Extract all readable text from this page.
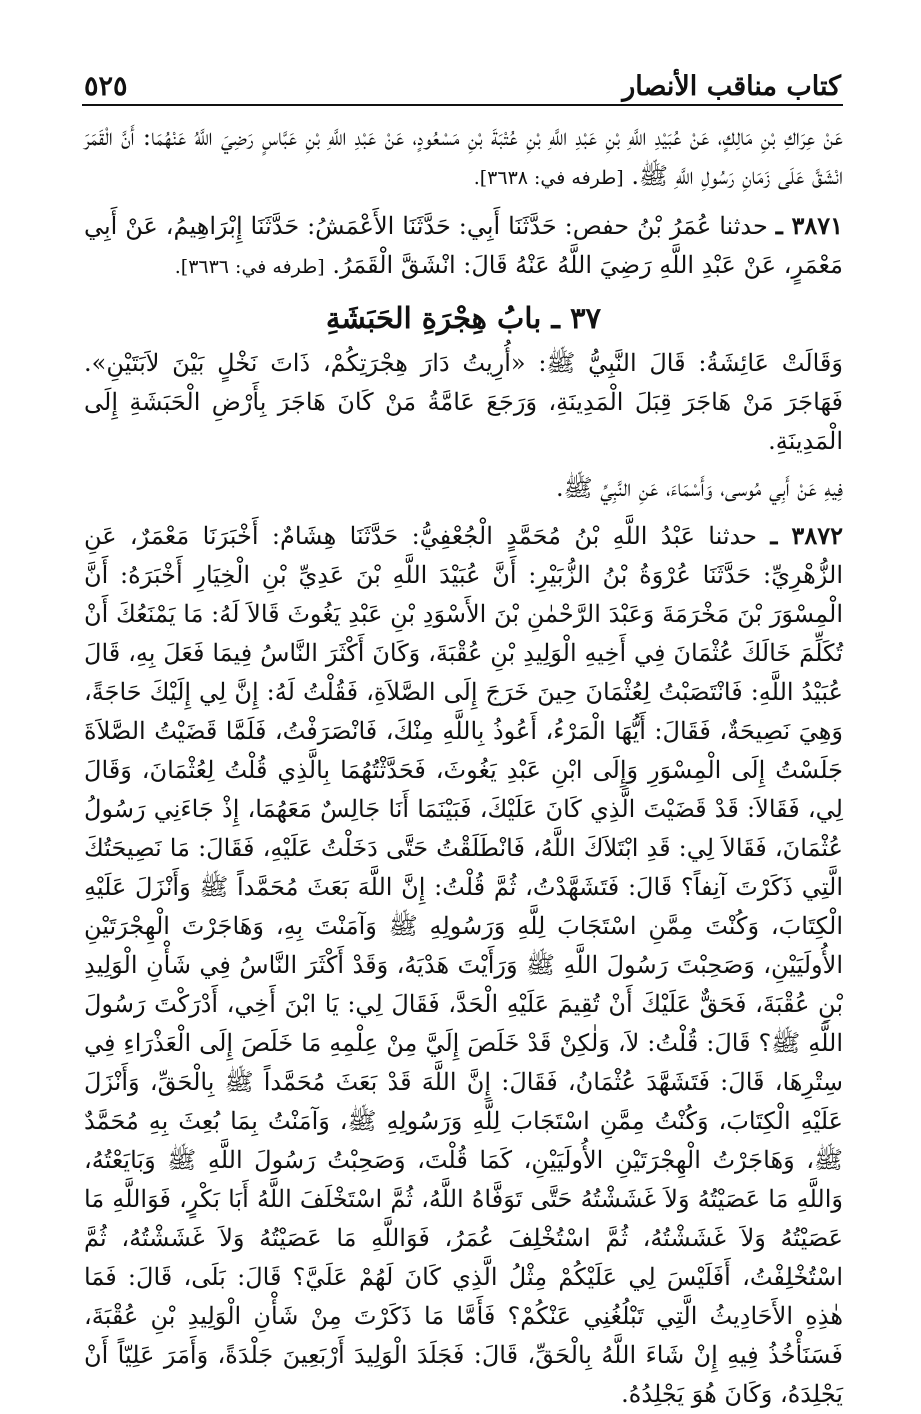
كتاب مناقب الأنصار
٥٢٥

عَنْ عِرَاكِ بْنِ مَالِكٍ، عَنْ عُبَيْدِ اللَّهِ بْنِ عَبْدِ اللَّهِ بْنِ عُتْبَةَ بْنِ مَسْعُودٍ، عَنْ عَبْدِ اللَّهِ بْنِ عَبَّاسٍ رَضِيَ اللَّهُ عَنْهُمَا: أَنَّ الْقَمَرَ انْشَقَّ عَلَى زَمَانِ رَسُولِ اللَّهِ ﷺ. [طرفه في: ٣٦٣٨].

٣٨٧١ ـ حدثنا عُمَرُ بْنُ حفص: حَدَّثَنَا أَبِي: حَدَّثَنَا الأَعْمَشُ: حَدَّثَنَا إِبْرَاهِيمُ، عَنْ أَبِي مَعْمَرٍ، عَنْ عَبْدِ اللَّهِ رَضِيَ اللَّهُ عَنْهُ قَالَ: انْشَقَّ الْقَمَرُ. [طرفه في: ٣٦٣٦].

٣٧ ـ بابُ هِجْرَةِ الحَبَشَةِ

وَقَالَتْ عَائِشَةُ: قَالَ النَّبِيُّ ﷺ: «أُرِيتُ دَارَ هِجْرَتِكُمْ، ذَاتَ نَخْلٍ بَيْنَ لاَبَتَيْنِ». فَهَاجَرَ مَنْ هَاجَرَ قِبَلَ الْمَدِينَةِ، وَرَجَعَ عَامَّةُ مَنْ كَانَ هَاجَرَ بِأَرْضِ الْحَبَشَةِ إِلَى الْمَدِينَةِ.

فِيهِ عَنْ أَبِي مُوسى، وَأَسْمَاءَ، عَنِ النَّبِيِّ ﷺ.

٣٨٧٢ ـ حدثنا عَبْدُ اللَّهِ بْنُ مُحَمَّدٍ الْجُعْفِيُّ: حَدَّثَنَا هِشَامٌ: أَخْبَرَنَا مَعْمَرٌ، عَنِ الزُّهْرِيِّ: حَدَّثَنَا عُرْوَةُ بْنُ الزُّبَيْرِ: أَنَّ عُبَيْدَ اللَّهِ بْنَ عَدِيِّ بْنِ الْخِيَارِ أَخْبَرَهُ: أَنَّ الْمِسْوَرَ بْنَ مَخْرَمَةَ وَعَبْدَ الرَّحْمٰنِ بْنَ الأَسْوَدِ بْنِ عَبْدِ يَغُوثَ قَالاَ لَهُ: مَا يَمْنَعُكَ أَنْ تُكَلِّمَ خَالَكَ عُثْمَانَ فِي أَخِيهِ الْوَلِيدِ بْنِ عُقْبَةَ، وَكَانَ أَكْثَرَ النَّاسُ فِيمَا فَعَلَ بِهِ، قَالَ عُبَيْدُ اللَّهِ: فَانْتَصَبْتُ لِعُثْمَانَ حِينَ خَرَجَ إِلَى الصَّلاَةِ، فَقُلْتُ لَهُ: إِنَّ لِي إِلَيْكَ حَاجَةً، وَهِيَ نَصِيحَةٌ، فَقَالَ: أَيُّهَا الْمَرْءُ، أَعُوذُ بِاللَّهِ مِنْكَ، فَانْصَرَفْتُ، فَلَمَّا قَضَيْتُ الصَّلاَةَ جَلَسْتُ إِلَى الْمِسْوَرِ وَإِلَى ابْنِ عَبْدِ يَغُوثَ، فَحَدَّثْتُهُمَا بِالَّذِي قُلْتُ لِعُثْمَانَ، وَقَالَ لِي، فَقَالاَ: قَدْ قَضَيْتَ الَّذِي كَانَ عَلَيْكَ، فَبَيْنَمَا أَنَا جَالِسٌ مَعَهُمَا، إِذْ جَاءَنِي رَسُولُ عُثْمَانَ، فَقَالاَ لِي: قَدِ ابْتَلاَكَ اللَّهُ، فَانْطَلَقْتُ حَتَّى دَخَلْتُ عَلَيْهِ، فَقَالَ: مَا نَصِيحَتُكَ الَّتِي ذَكَرْتَ آنِفاً؟ قَالَ: فَتَشَهَّدْتُ، ثُمَّ قُلْتُ: إِنَّ اللَّهَ بَعَثَ مُحَمَّداً ﷺ وَأَنْزَلَ عَلَيْهِ الْكِتَابَ، وَكُنْتَ مِمَّنِ اسْتَجَابَ لِلَّهِ وَرَسُولِهِ ﷺ وَآمَنْتَ بِهِ، وَهَاجَرْتَ الْهِجْرَتَيْنِ الأُولَيَيْنِ، وَصَحِبْتَ رَسُولَ اللَّهِ ﷺ وَرَأَيْتَ هَدْيَهُ، وَقَدْ أَكْثَرَ النَّاسُ فِي شَأْنِ الْوَلِيدِ بْنِ عُقْبَةَ، فَحَقٌّ عَلَيْكَ أَنْ تُقِيمَ عَلَيْهِ الْحَدَّ، فَقَالَ لِي: يَا ابْنَ أَخِي، أَدْرَكْتَ رَسُولَ اللَّهِ ﷺ؟ قَالَ: قُلْتُ: لاَ، وَلٰكِنْ قَدْ خَلَصَ إِلَيَّ مِنْ عِلْمِهِ مَا خَلَصَ إِلَى الْعَذْرَاءِ فِي سِتْرِهَا، قَالَ: فَتَشَهَّدَ عُثْمَانُ، فَقَالَ: إِنَّ اللَّهَ قَدْ بَعَثَ مُحَمَّداً ﷺ بِالْحَقِّ، وَأَنْزَلَ عَلَيْهِ الْكِتَابَ، وَكُنْتُ مِمَّنِ اسْتَجَابَ لِلَّهِ وَرَسُولِهِ ﷺ، وَآمَنْتُ بِمَا بُعِثَ بِهِ مُحَمَّدٌ ﷺ، وَهَاجَرْتُ الْهِجْرَتَيْنِ الأُولَيَيْنِ، كَمَا قُلْتَ، وَصَحِبْتُ رَسُولَ اللَّهِ ﷺ وَبَايَعْتُهُ، وَاللَّهِ مَا عَصَيْتُهُ وَلاَ غَشَشْتُهُ حَتَّى تَوَفَّاهُ اللَّهُ، ثُمَّ اسْتَخْلَفَ اللَّهُ أَبَا بَكْرٍ، فَوَاللَّهِ مَا عَصَيْتُهُ وَلاَ غَشَشْتُهُ، ثُمَّ اسْتُخْلِفَ عُمَرُ، فَوَاللَّهِ مَا عَصَيْتُهُ وَلاَ غَشَشْتُهُ، ثُمَّ اسْتُخْلِفْتُ، أَفَلَيْسَ لِي عَلَيْكُمْ مِثْلُ الَّذِي كَانَ لَهُمْ عَلَيَّ؟ قَالَ: بَلَى، قَالَ: فَمَا هٰذِهِ الأَحَادِيثُ الَّتِي تَبْلُغُنِي عَنْكُمْ؟ فَأَمَّا مَا ذَكَرْتَ مِنْ شَأْنِ الْوَلِيدِ بْنِ عُقْبَةَ، فَسَنَأْخُذُ فِيهِ إِنْ شَاءَ اللَّهُ بِالْحَقِّ، قَالَ: فَجَلَدَ الْوَلِيدَ أَرْبَعِينَ جَلْدَةً، وَأَمَرَ عَلِيّاً أَنْ يَجْلِدَهُ، وَكَانَ هُوَ يَجْلِدُهُ.
